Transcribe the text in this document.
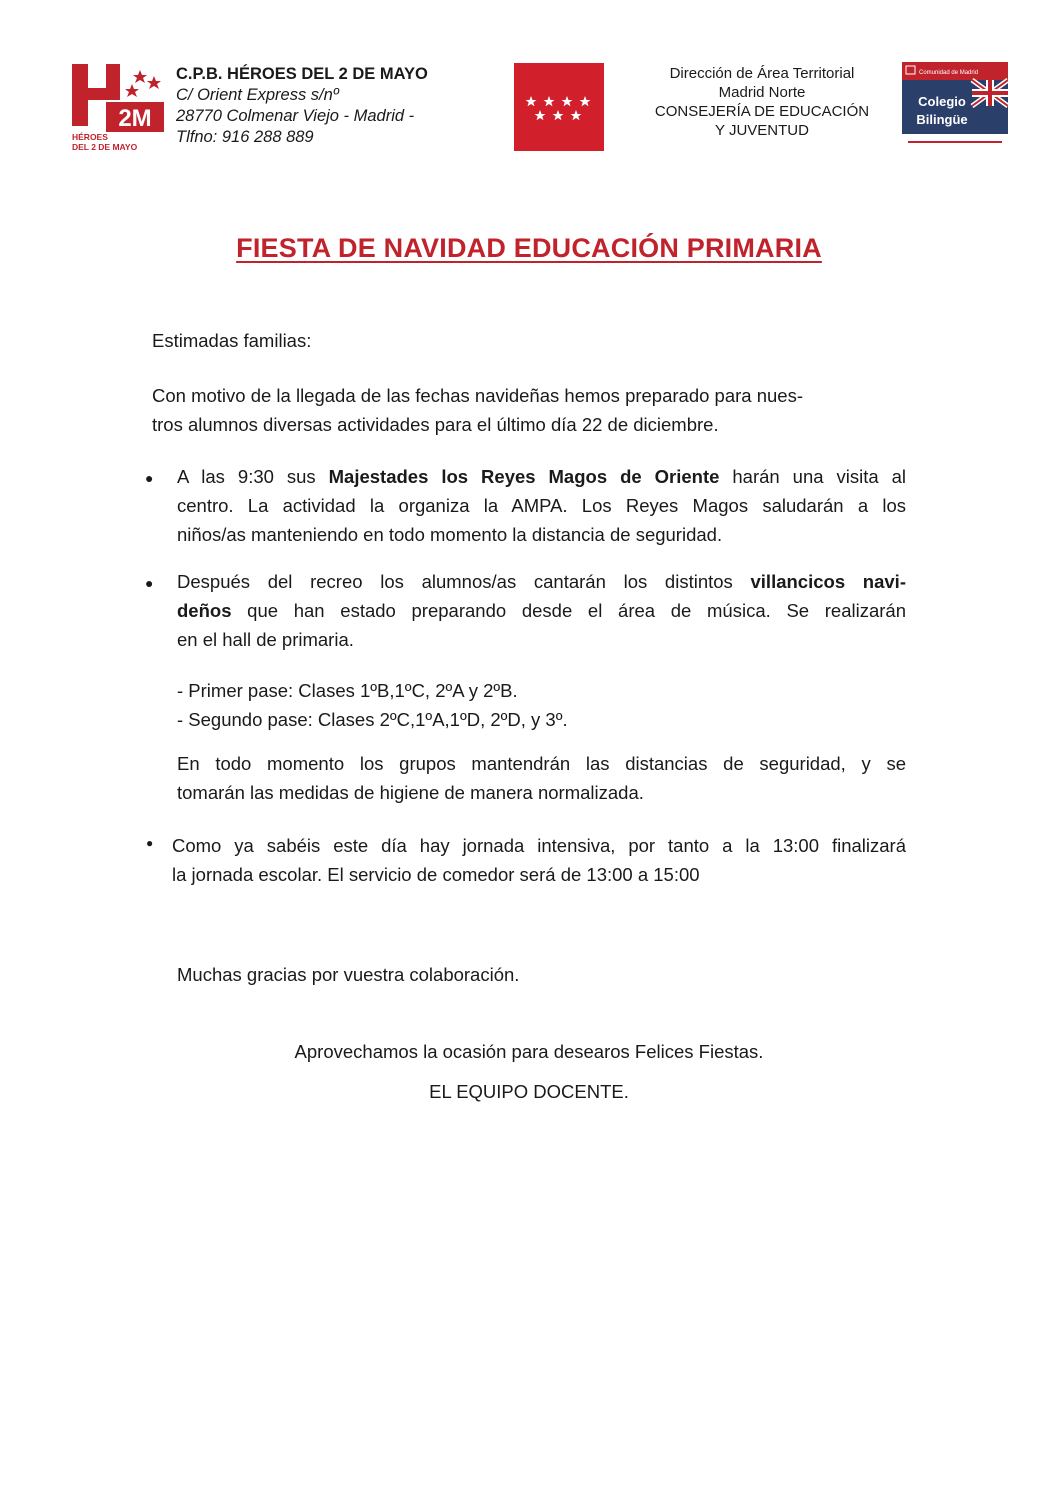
2M
HÉROES
DEL 2 DE MAYO
C.P.B. HÉROES DEL 2 DE MAYO
C/ Orient Express s/nº
28770 Colmenar Viejo - Madrid -
Tlfno: 916 288 889
Dirección de Área Territorial
Madrid Norte
CONSEJERÍA DE EDUCACIÓN
Y JUVENTUD
Comunidad de Madrid
Colegio
Bilingüe
FIESTA DE NAVIDAD EDUCACIÓN PRIMARIA
Estimadas familias:
Con motivo de la llegada de las fechas navideñas hemos preparado para nues-
tros alumnos diversas actividades para el último día 22 de diciembre.
● A las 9:30 sus Majestades los Reyes Magos de Oriente harán una visita al
centro. La actividad la organiza la AMPA. Los Reyes Magos saludarán a los
niños/as manteniendo en todo momento la distancia de seguridad.
● Después del recreo los alumnos/as cantarán los distintos villancicos navi-
deños que han estado preparando desde el área de música. Se realizarán
en el hall de primaria.
- Primer pase: Clases 1ºB,1ºC, 2ºA y 2ºB.
- Segundo pase: Clases 2ºC,1ºA,1ºD, 2ºD, y 3º.
En todo momento los grupos mantendrán las distancias de seguridad, y se
tomarán las medidas de higiene de manera normalizada.
● Como ya sabéis este día hay jornada intensiva, por tanto a la 13:00 finalizará
la jornada escolar. El servicio de comedor será de 13:00 a 15:00
Muchas gracias por vuestra colaboración.
Aprovechamos la ocasión para desearos Felices Fiestas.
EL EQUIPO DOCENTE.
